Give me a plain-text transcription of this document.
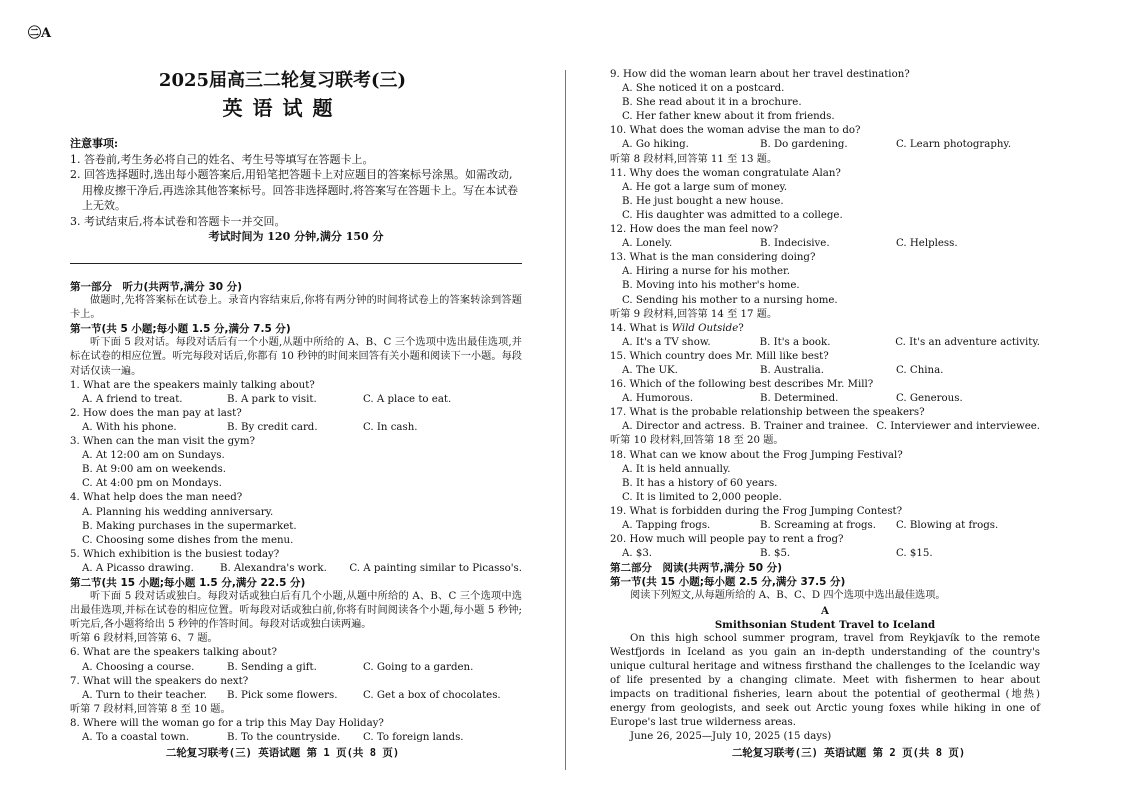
㊁A
2025届高三二轮复习联考(三)
英语试题
注意事项:
1. 答卷前,考生务必将自己的姓名、考生号等填写在答题卡上。
2. 回答选择题时,选出每小题答案后,用铅笔把答题卡上对应题目的答案标号涂黑。如需改动,用橡皮擦干净后,再选涂其他答案标号。回答非选择题时,将答案写在答题卡上。写在本试卷上无效。
3. 考试结束后,将本试卷和答题卡一并交回。
考试时间为 120 分钟,满分 150 分
第一部分　听力(共两节,满分 30 分)
做题时,先将答案标在试卷上。录音内容结束后,你将有两分钟的时间将试卷上的答案转涂到答题卡上。
第一节(共 5 小题;每小题 1.5 分,满分 7.5 分)
听下面 5 段对话。每段对话后有一个小题,从题中所给的 A、B、C 三个选项中选出最佳选项,并标在试卷的相应位置。听完每段对话后,你都有 10 秒钟的时间来回答有关小题和阅读下一小题。每段对话仅读一遍。
1. What are the speakers mainly talking about?
A. A friend to treat.	B. A park to visit.	C. A place to eat.
2. How does the man pay at last?
A. With his phone.	B. By credit card.	C. In cash.
3. When can the man visit the gym?
A. At 12:00 am on Sundays.
B. At 9:00 am on weekends.
C. At 4:00 pm on Mondays.
4. What help does the man need?
A. Planning his wedding anniversary.
B. Making purchases in the supermarket.
C. Choosing some dishes from the menu.
5. Which exhibition is the busiest today?
A. A Picasso drawing.	B. Alexandra's work.	C. A painting similar to Picasso's.
第二节(共 15 小题;每小题 1.5 分,满分 22.5 分)
听下面 5 段对话或独白。每段对话或独白后有几个小题,从题中所给的 A、B、C 三个选项中选出最佳选项,并标在试卷的相应位置。听每段对话或独白前,你将有时间阅读各个小题,每小题 5 秒钟;听完后,各小题将给出 5 秒钟的作答时间。每段对话或独白读两遍。
听第 6 段材料,回答第 6、7 题。
6. What are the speakers talking about?
A. Choosing a course.	B. Sending a gift.	C. Going to a garden.
7. What will the speakers do next?
A. Turn to their teacher.	B. Pick some flowers.	C. Get a box of chocolates.
听第 7 段材料,回答第 8 至 10 题。
8. Where will the woman go for a trip this May Day Holiday?
A. To a coastal town.	B. To the countryside.	C. To foreign lands.
二轮复习联考(三) 英语试题 第 1 页(共 8 页)
9. How did the woman learn about her travel destination?
A. She noticed it on a postcard.
B. She read about it in a brochure.
C. Her father knew about it from friends.
10. What does the woman advise the man to do?
A. Go hiking.	B. Do gardening.	C. Learn photography.
听第 8 段材料,回答第 11 至 13 题。
11. Why does the woman congratulate Alan?
A. He got a large sum of money.
B. He just bought a new house.
C. His daughter was admitted to a college.
12. How does the man feel now?
A. Lonely.	B. Indecisive.	C. Helpless.
13. What is the man considering doing?
A. Hiring a nurse for his mother.
B. Moving into his mother's home.
C. Sending his mother to a nursing home.
听第 9 段材料,回答第 14 至 17 题。
14. What is Wild Outside?
A. It's a TV show.	B. It's a book.	C. It's an adventure activity.
15. Which country does Mr. Mill like best?
A. The UK.	B. Australia.	C. China.
16. Which of the following best describes Mr. Mill?
A. Humorous.	B. Determined.	C. Generous.
17. What is the probable relationship between the speakers?
A. Director and actress. B. Trainer and trainee. C. Interviewer and interviewee.
听第 10 段材料,回答第 18 至 20 题。
18. What can we know about the Frog Jumping Festival?
A. It is held annually.
B. It has a history of 60 years.
C. It is limited to 2,000 people.
19. What is forbidden during the Frog Jumping Contest?
A. Tapping frogs.	B. Screaming at frogs.	C. Blowing at frogs.
20. How much will people pay to rent a frog?
A. $3.	B. $5.	C. $15.
第二部分　阅读(共两节,满分 50 分)
第一节(共 15 小题;每小题 2.5 分,满分 37.5 分)
阅读下列短文,从每题所给的 A、B、C、D 四个选项中选出最佳选项。
A
Smithsonian Student Travel to Iceland
On this high school summer program, travel from Reykjavík to the remote Westfjords in Iceland as you gain an in-depth understanding of the country's unique cultural heritage and witness firsthand the challenges to the Icelandic way of life presented by a changing climate. Meet with fishermen to hear about impacts on traditional fisheries, learn about the potential of geothermal (地热) energy from geologists, and seek out Arctic young foxes while hiking in one of Europe's last true wilderness areas.
June 26, 2025—July 10, 2025 (15 days)
二轮复习联考(三) 英语试题 第 2 页(共 8 页)
